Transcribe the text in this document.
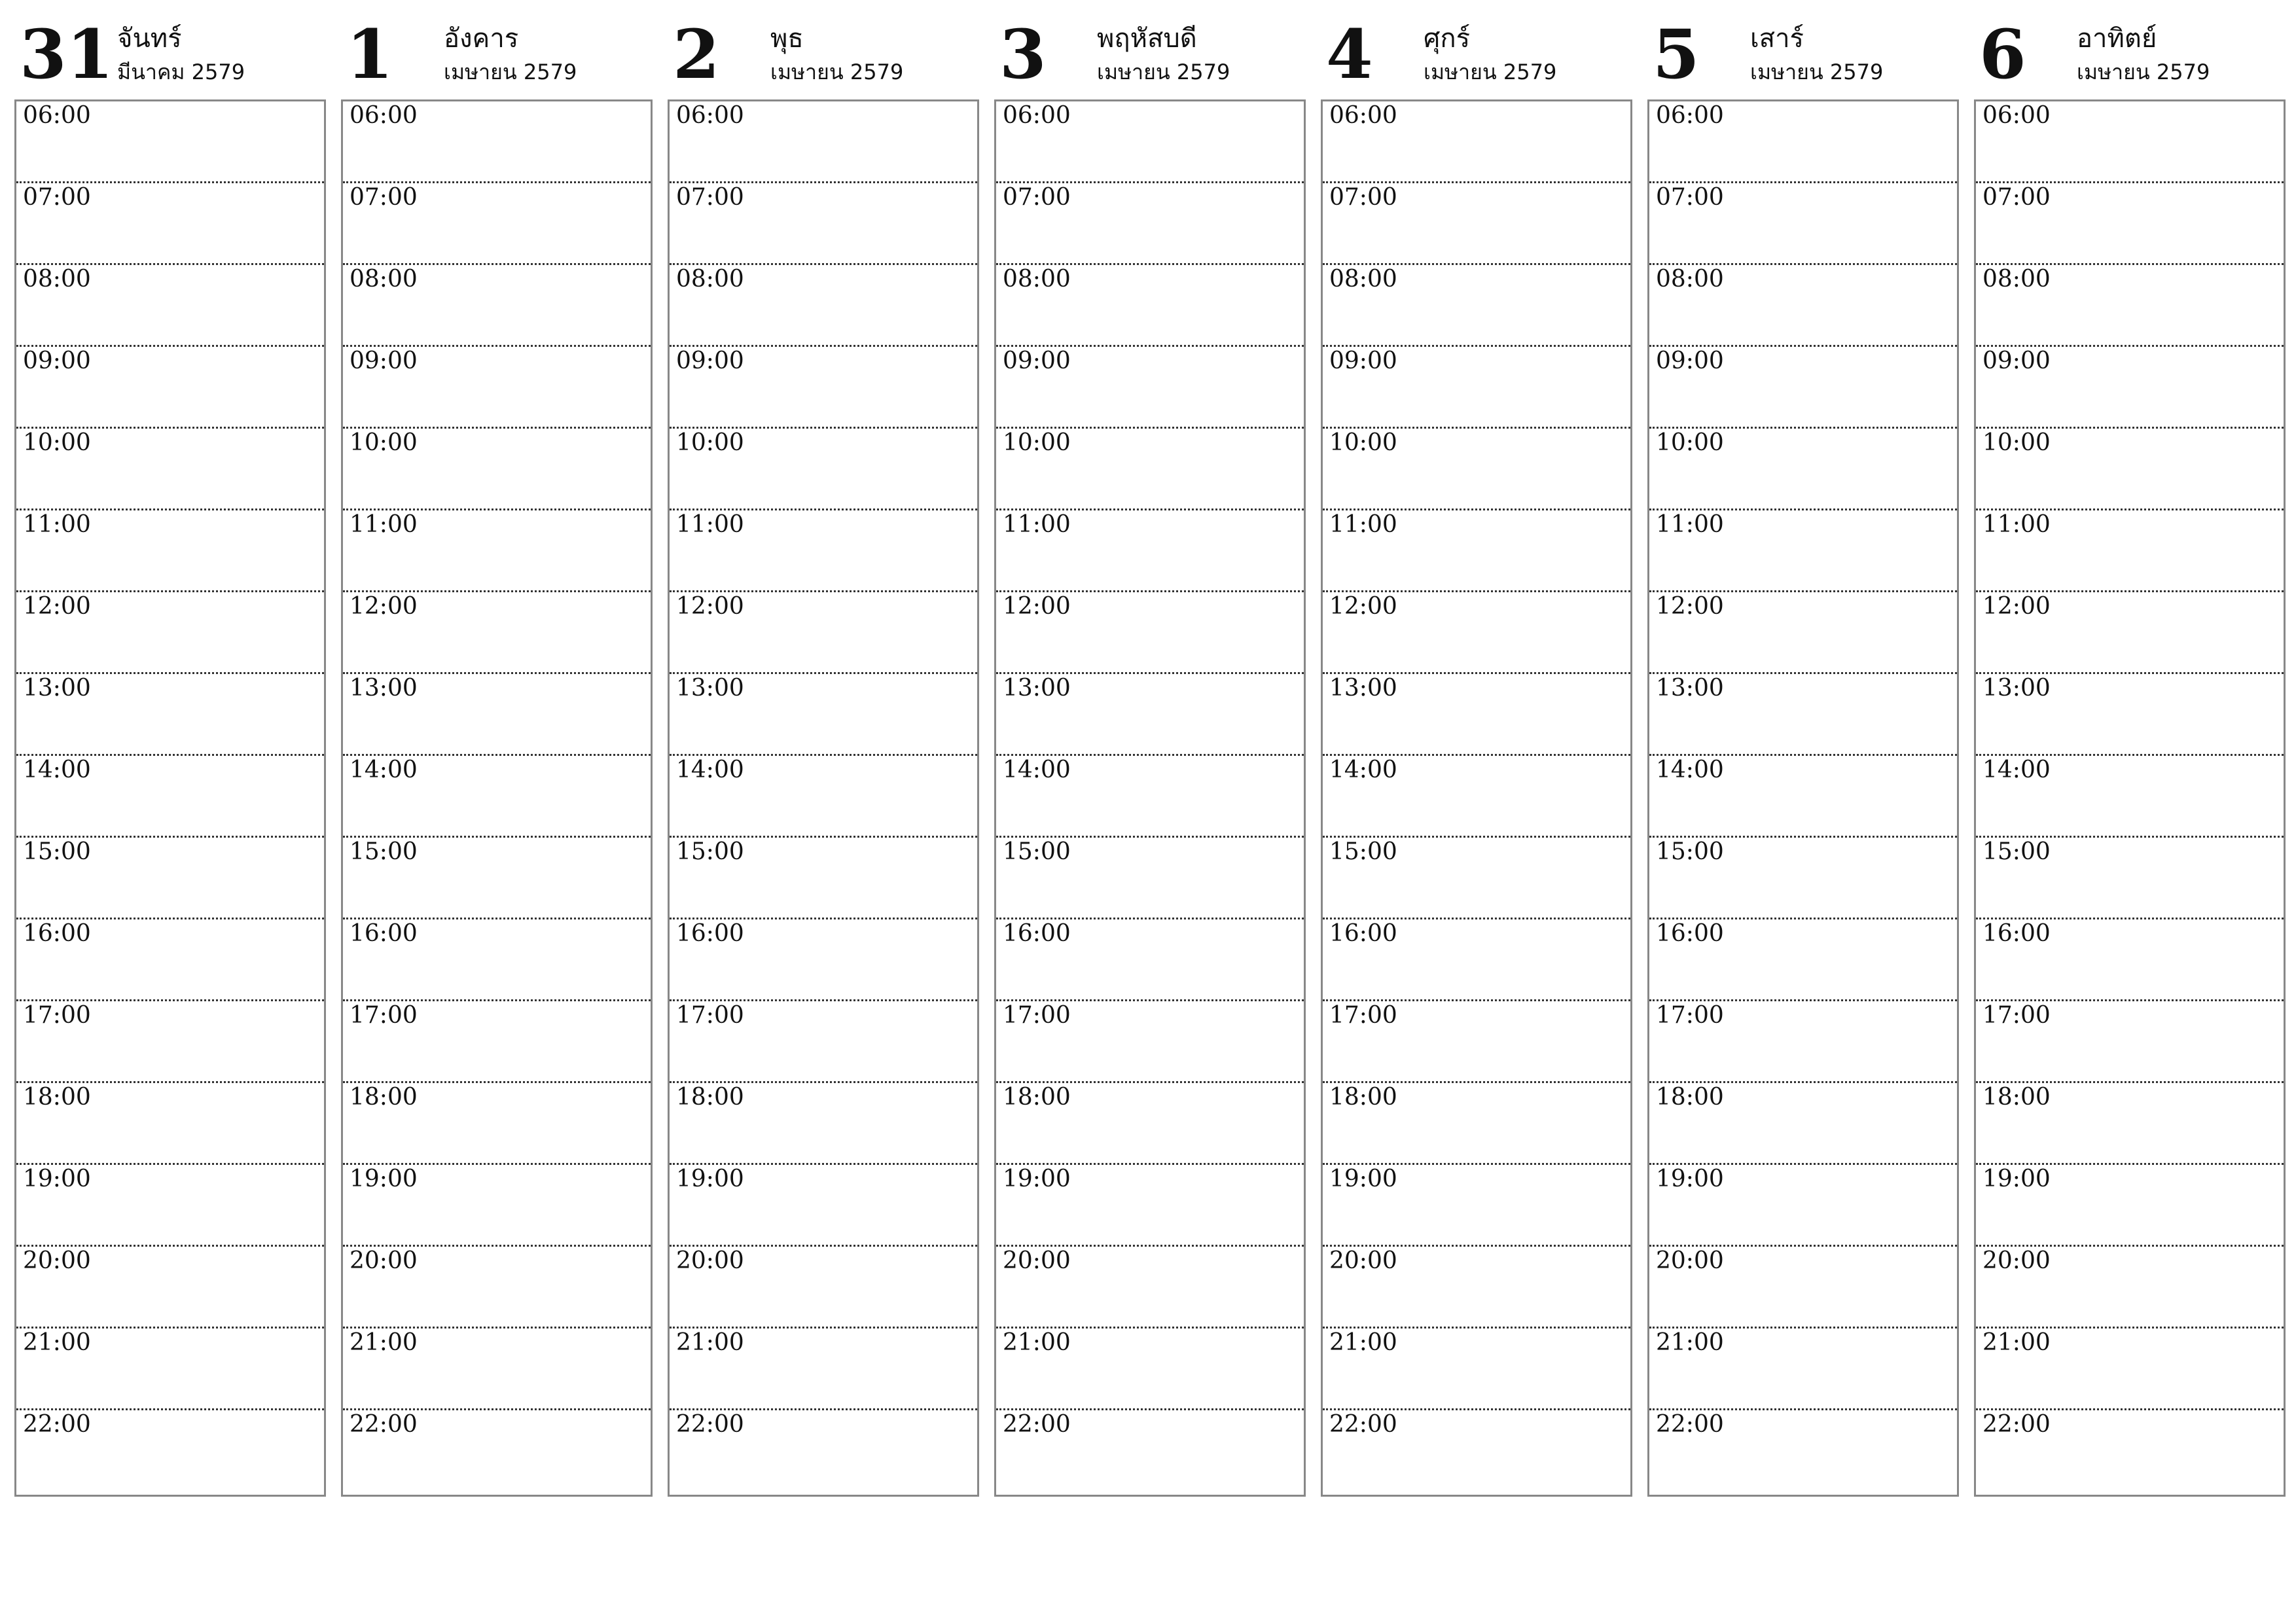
31 จันทร์
มีนาคม 2579
06:00
07:00
08:00
09:00
10:00
11:00
12:00
13:00
14:00
15:00
16:00
17:00
18:00
19:00
20:00
21:00
22:00
1 อังคาร
เมษายน 2579
06:00
07:00
08:00
09:00
10:00
11:00
12:00
13:00
14:00
15:00
16:00
17:00
18:00
19:00
20:00
21:00
22:00
2 พุธ
เมษายน 2579
06:00
07:00
08:00
09:00
10:00
11:00
12:00
13:00
14:00
15:00
16:00
17:00
18:00
19:00
20:00
21:00
22:00
3 พฤหัสบดี
เมษายน 2579
06:00
07:00
08:00
09:00
10:00
11:00
12:00
13:00
14:00
15:00
16:00
17:00
18:00
19:00
20:00
21:00
22:00
4 ศุกร์
เมษายน 2579
06:00
07:00
08:00
09:00
10:00
11:00
12:00
13:00
14:00
15:00
16:00
17:00
18:00
19:00
20:00
21:00
22:00
5 เสาร์
เมษายน 2579
06:00
07:00
08:00
09:00
10:00
11:00
12:00
13:00
14:00
15:00
16:00
17:00
18:00
19:00
20:00
21:00
22:00
6 อาทิตย์
เมษายน 2579
06:00
07:00
08:00
09:00
10:00
11:00
12:00
13:00
14:00
15:00
16:00
17:00
18:00
19:00
20:00
21:00
22:00
